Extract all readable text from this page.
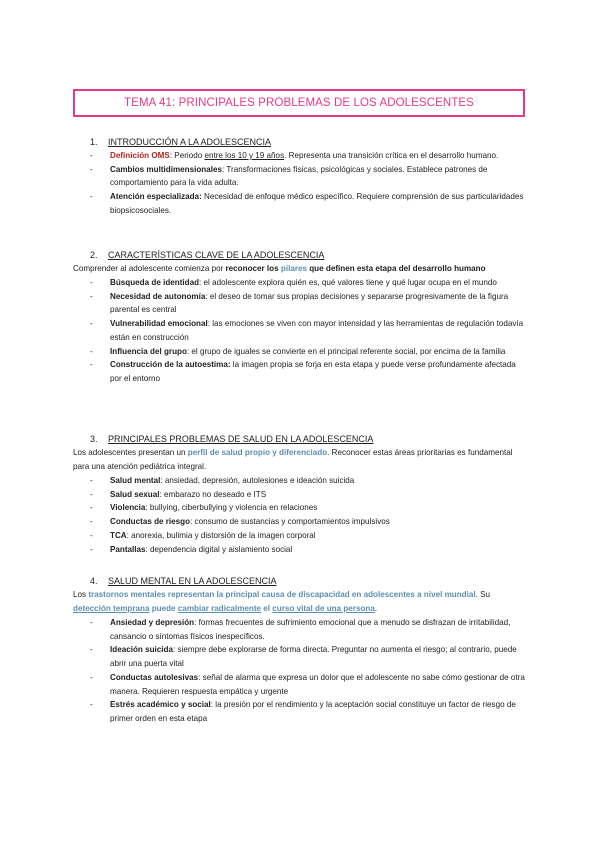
TEMA 41: PRINCIPALES PROBLEMAS DE LOS ADOLESCENTES
1. INTRODUCCIÓN A LA ADOLESCENCIA
- Definición OMS: Periodo entre los 10 y 19 años. Representa una transición crítica en el desarrollo humano.
- Cambios multidimensionales: Transformaciones físicas, psicológicas y sociales. Establece patrones de comportamiento para la vida adulta.
- Atención especializada: Necesidad de enfoque médico específico. Requiere comprensión de sus particularidades biopsicosociales.
2. CARACTERÍSTICAS CLAVE DE LA ADOLESCENCIA
Comprender al adolescente comienza por reconocer los pilares que definen esta etapa del desarrollo humano
- Búsqueda de identidad: el adolescente explora quién es, qué valores tiene y qué lugar ocupa en el mundo
- Necesidad de autonomía: el deseo de tomar sus propias decisiones y separarse progresivamente de la figura parental es central
- Vulnerabilidad emocional: las emociones se viven con mayor intensidad y las herramientas de regulación todavía están en construcción
- Influencia del grupo: el grupo de iguales se convierte en el principal referente social, por encima de la familia
- Construcción de la autoestima: la imagen propia se forja en esta etapa y puede verse profundamente afectada por el entorno
3. PRINCIPALES PROBLEMAS DE SALUD EN LA ADOLESCENCIA
Los adolescentes presentan un perfil de salud propio y diferenciado. Reconocer estas áreas prioritarias es fundamental para una atención pediátrica integral.
- Salud mental: ansiedad, depresión, autolesiones e ideación suicida
- Salud sexual: embarazo no deseado e ITS
- Violencia: bullying, ciberbullying y violencia en relaciones
- Conductas de riesgo: consumo de sustancias y comportamientos impulsivos
- TCA: anorexia, bulimia y distorsión de la imagen corporal
- Pantallas: dependencia digital y aislamiento social
4. SALUD MENTAL EN LA ADOLESCENCIA
Los trastornos mentales representan la principal causa de discapacidad en adolescentes a nivel mundial. Su detección temprana puede cambiar radicalmente el curso vital de una persona.
- Ansiedad y depresión: formas frecuentes de sufrimiento emocional que a menudo se disfrazan de irritabilidad, cansancio o síntomas físicos inespecíficos.
- Ideación suicida: siempre debe explorarse de forma directa. Preguntar no aumenta el riesgo; al contrario, puede abrir una puerta vital
- Conductas autolesivas: señal de alarma que expresa un dolor que el adolescente no sabe cómo gestionar de otra manera. Requieren respuesta empática y urgente
- Estrés académico y social: la presión por el rendimiento y la aceptación social constituye un factor de riesgo de primer orden en esta etapa
